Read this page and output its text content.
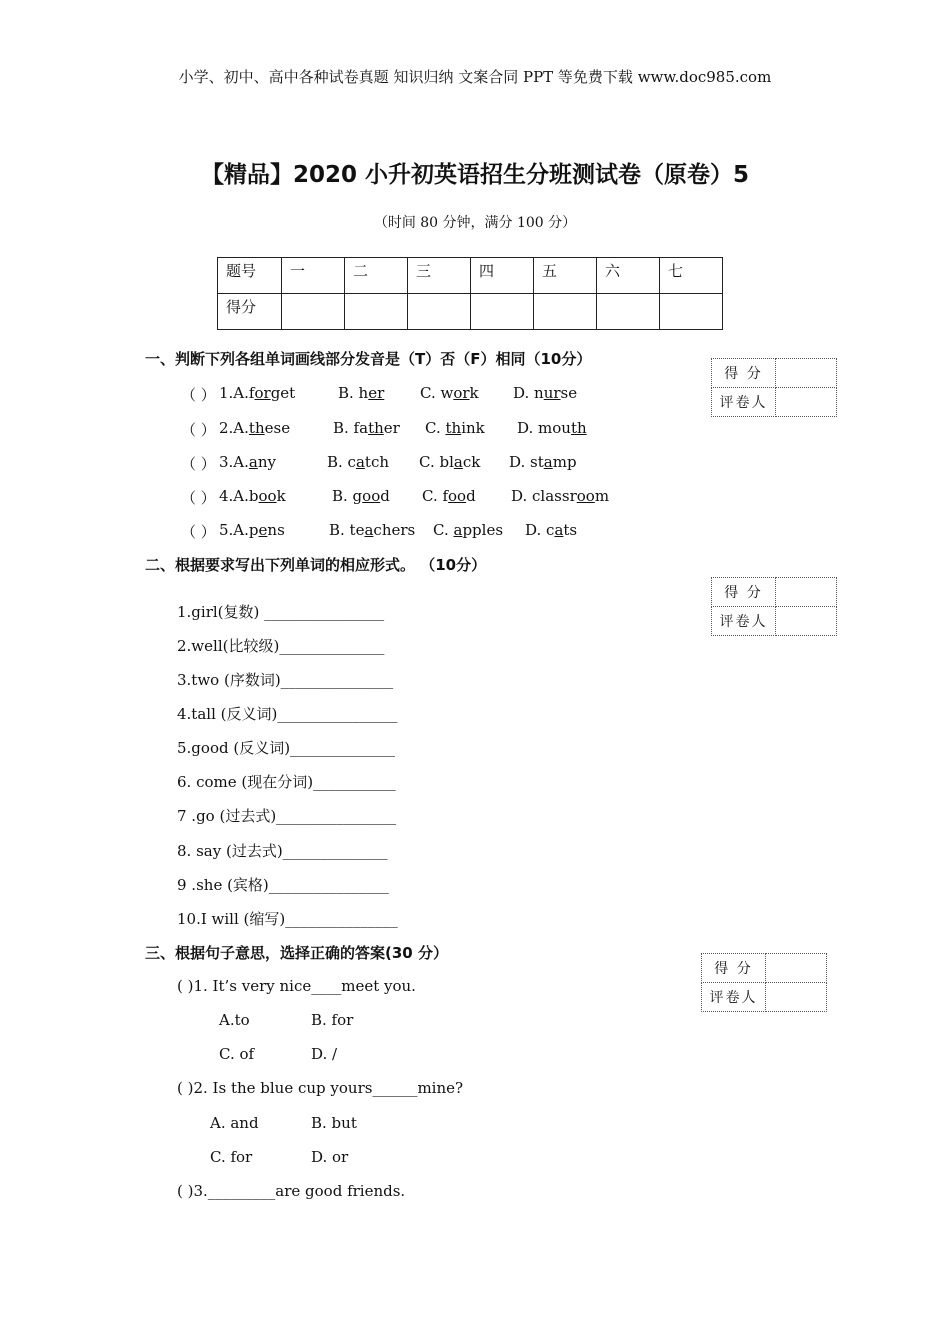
小学、初中、高中各种试卷真题 知识归纳 文案合同 PPT 等免费下载 www.doc985.com
【精品】2020 小升初英语招生分班测试卷（原卷）5
（时间 80 分钟，满分 100 分）
题号	一	二	三	四	五	六	七
得分							
一、判断下列各组单词画线部分发音是（T）否（F）相同（10分）
得 分	
评卷人	
（ ） 1.A.forget	B. her C. work D. nurse
（ ） 2.A.these	B. father C. think D. mouth
（ ） 3.A.any	B. catch C. black D. stamp
（ ） 4.A.book	B. good C. food D. classroom
（ ） 5.A.pens	B. teachers C. apples D. cats
二、根据要求写出下列单词的相应形式。 （10分）
得 分	
评卷人	
1.girl(复数) ________________
2.well(比较级)______________
3.two (序数词)_______________
4.tall (反义词)________________
5.good (反义词)______________
6. come (现在分词)___________
7 .go (过去式)________________
8. say (过去式)______________
9 .she (宾格)________________
10.I will (缩写)_______________
三、根据句子意思，选择正确的答案(30 分）
得 分	
评卷人	
( )1. It’s very nice____meet you.
A.to	B. for
C. of	D. /
( )2. Is the blue cup yours______mine?
A. and	B. but
C. for	D. or
( )3._________are good friends.
